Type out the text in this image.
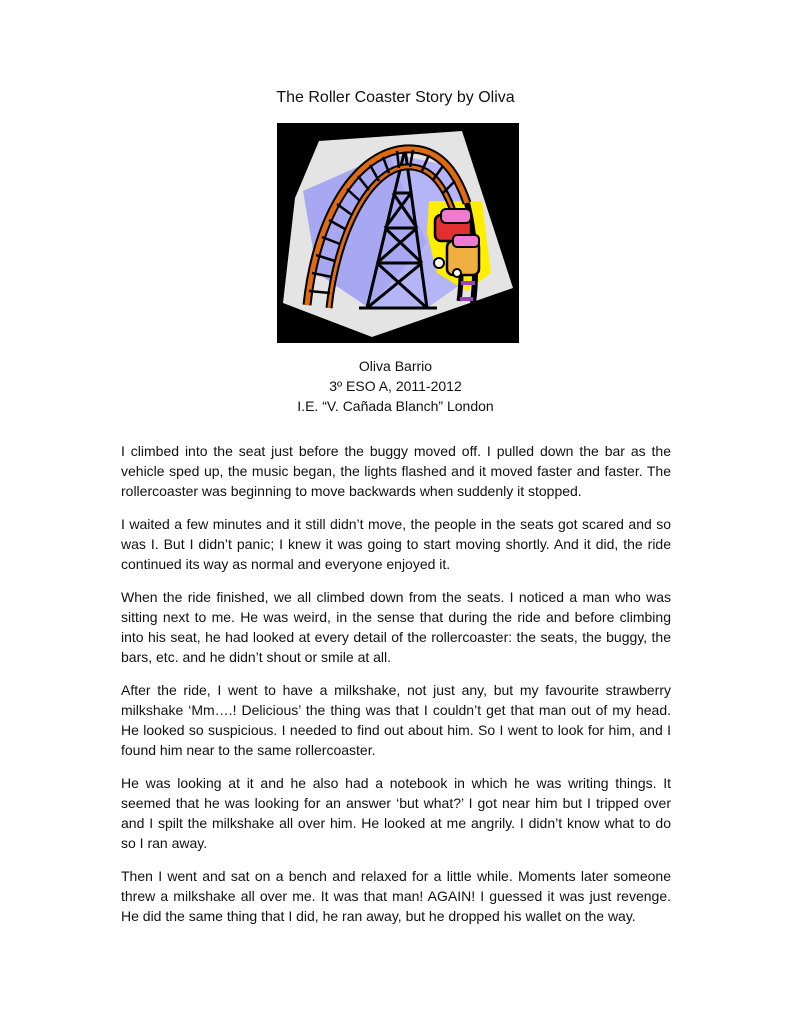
The Roller Coaster Story by Oliva
Oliva Barrio
3º ESO A, 2011-2012
I.E. “V. Cañada Blanch” London

I climbed into the seat just before the buggy moved off. I pulled down the bar as the vehicle sped up, the music began, the lights flashed and it moved faster and faster. The rollercoaster was beginning to move backwards when suddenly it stopped.

I waited a few minutes and it still didn’t move, the people in the seats got scared and so was I. But I didn’t panic; I knew it was going to start moving shortly. And it did, the ride continued its way as normal and everyone enjoyed it.

When the ride finished, we all climbed down from the seats. I noticed a man who was sitting next to me. He was weird, in the sense that during the ride and before climbing into his seat, he had looked at every detail of the rollercoaster: the seats, the buggy, the bars, etc. and he didn’t shout or smile at all.

After the ride, I went to have a milkshake, not just any, but my favourite strawberry milkshake ‘Mm….! Delicious’ the thing was that I couldn’t get that man out of my head. He looked so suspicious. I needed to find out about him. So I went to look for him, and I found him near to the same rollercoaster.

He was looking at it and he also had a notebook in which he was writing things. It seemed that he was looking for an answer ‘but what?’ I got near him but I tripped over and I spilt the milkshake all over him. He looked at me angrily. I didn’t know what to do so I ran away.

Then I went and sat on a bench and relaxed for a little while. Moments later someone threw a milkshake all over me. It was that man! AGAIN! I guessed it was just revenge. He did the same thing that I did, he ran away, but he dropped his wallet on the way.
